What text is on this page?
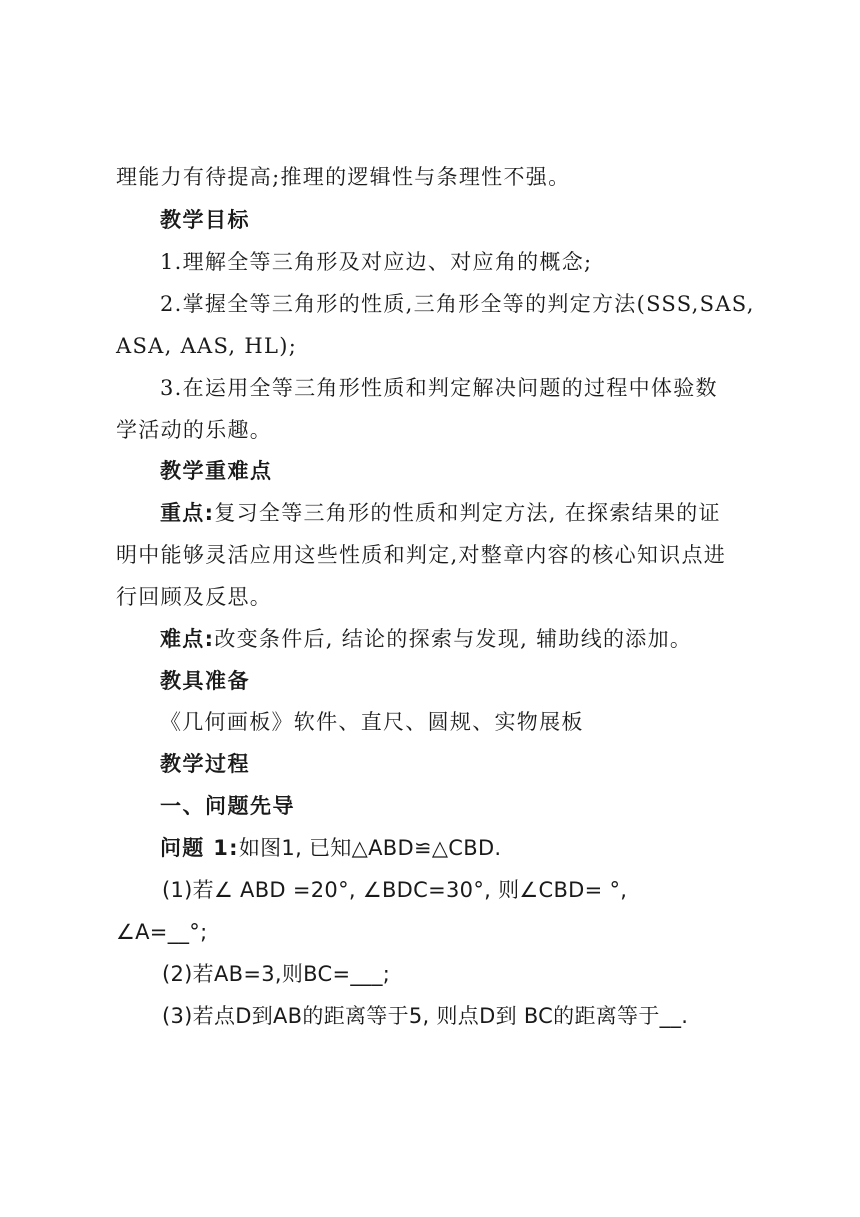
理能力有待提高;推理的逻辑性与条理性不强。
教学目标
1.理解全等三角形及对应边、对应角的概念;
2.掌握全等三角形的性质,三角形全等的判定方法(SSS,SAS,
ASA, AAS, HL);
3.在运用全等三角形性质和判定解决问题的过程中体验数
学活动的乐趣。
教学重难点
重点:复习全等三角形的性质和判定方法, 在探索结果的证
明中能够灵活应用这些性质和判定,对整章内容的核心知识点进
行回顾及反思。
难点:改变条件后, 结论的探索与发现, 辅助线的添加。
教具准备
《几何画板》软件、直尺、圆规、实物展板
教学过程
一、问题先导
问题 1:如图1, 已知△ABD≌△CBD.
(1)若∠ ABD =20°, ∠BDC=30°, 则∠CBD= °,
∠A=__°;
(2)若AB=3,则BC=___;
(3)若点D到AB的距离等于5, 则点D到 BC的距离等于__.
